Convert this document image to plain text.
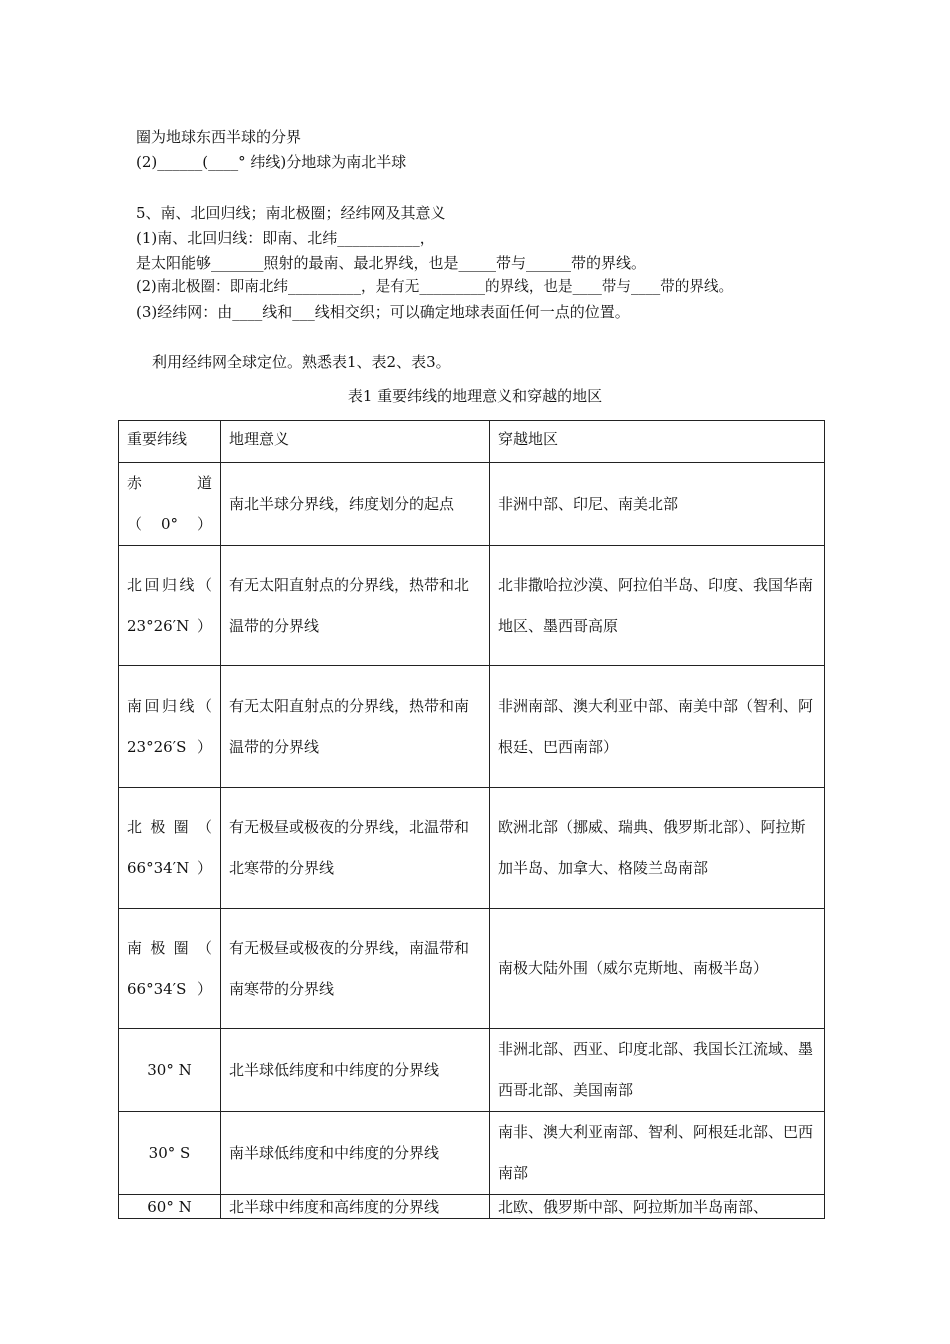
圈为地球东西半球的分界
(2)______(____° 纬线)分地球为南北半球
5、南、北回归线；南北极圈；经纬网及其意义
(1)南、北回归线：即南、北纬___________，
是太阳能够_______照射的最南、最北界线，也是_____带与______带的界线。
(2)南北极圈：即南北纬__________，是有无_________的界线，也是____带与____带的界线。
(3)经纬网：由____线和___线相交织；可以确定地球表面任何一点的位置。
利用经纬网全球定位。熟悉表1、表2、表3。
表1 重要纬线的地理意义和穿越的地区
重要纬线	地理意义	穿越地区
赤　　道（0°）	南北半球分界线，纬度划分的起点	非洲中部、印尼、南美北部
北回归线（ 23°26′N）	有无太阳直射点的分界线，热带和北温带的分界线	北非撒哈拉沙漠、阿拉伯半岛、印度、我国华南地区、墨西哥高原
南回归线（ 23°26′S）	有无太阳直射点的分界线，热带和南温带的分界线	非洲南部、澳大利亚中部、南美中部（智利、阿根廷、巴西南部）
北极圈（ 66°34′N）	有无极昼或极夜的分界线，北温带和北寒带的分界线	欧洲北部（挪威、瑞典、俄罗斯北部）、阿拉斯加半岛、加拿大、格陵兰岛南部
南极圈（ 66°34′S）	有无极昼或极夜的分界线，南温带和南寒带的分界线	南极大陆外围（威尔克斯地、南极半岛）
30° N	北半球低纬度和中纬度的分界线	非洲北部、西亚、印度北部、我国长江流域、墨西哥北部、美国南部
30° S	南半球低纬度和中纬度的分界线	南非、澳大利亚南部、智利、阿根廷北部、巴西南部
60° N	北半球中纬度和高纬度的分界线	北欧、俄罗斯中部、阿拉斯加半岛南部、
